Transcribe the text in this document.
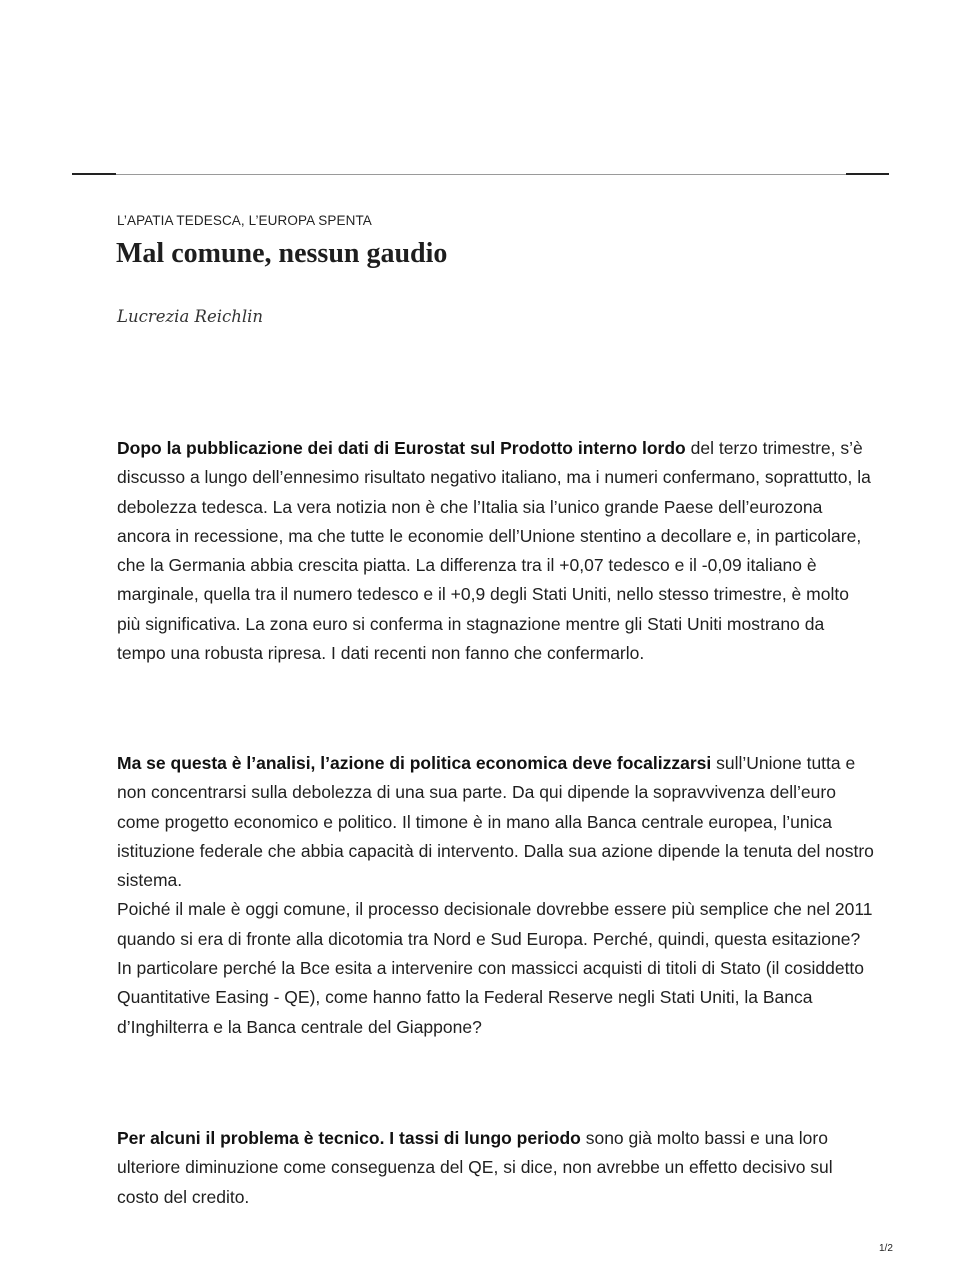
L’APATIA TEDESCA, L’EUROPA SPENTA
Mal comune, nessun gaudio
Lucrezia Reichlin

Dopo la pubblicazione dei dati di Eurostat sul Prodotto interno lordo del terzo trimestre, s’è discusso a lungo dell’ennesimo risultato negativo italiano, ma i numeri confermano, soprattutto, la debolezza tedesca. La vera notizia non è che l’Italia sia l’unico grande Paese dell’eurozona ancora in recessione, ma che tutte le economie dell’Unione stentino a decollare e, in particolare, che la Germania abbia crescita piatta. La differenza tra il +0,07 tedesco e il -0,09 italiano è marginale, quella tra il numero tedesco e il +0,9 degli Stati Uniti, nello stesso trimestre, è molto più significativa. La zona euro si conferma in stagnazione mentre gli Stati Uniti mostrano da tempo una robusta ripresa. I dati recenti non fanno che confermarlo.

Ma se questa è l’analisi, l’azione di politica economica deve focalizzarsi sull’Unione tutta e non concentrarsi sulla debolezza di una sua parte. Da qui dipende la sopravvivenza dell’euro come progetto economico e politico. Il timone è in mano alla Banca centrale europea, l’unica istituzione federale che abbia capacità di intervento. Dalla sua azione dipende la tenuta del nostro sistema.
Poiché il male è oggi comune, il processo decisionale dovrebbe essere più semplice che nel 2011 quando si era di fronte alla dicotomia tra Nord e Sud Europa. Perché, quindi, questa esitazione? In particolare perché la Bce esita a intervenire con massicci acquisti di titoli di Stato (il cosiddetto Quantitative Easing - QE), come hanno fatto la Federal Reserve negli Stati Uniti, la Banca d’Inghilterra e la Banca centrale del Giappone?

Per alcuni il problema è tecnico. I tassi di lungo periodo sono già molto bassi e una loro ulteriore diminuzione come conseguenza del QE, si dice, non avrebbe un effetto decisivo sul costo del credito.

1/2
